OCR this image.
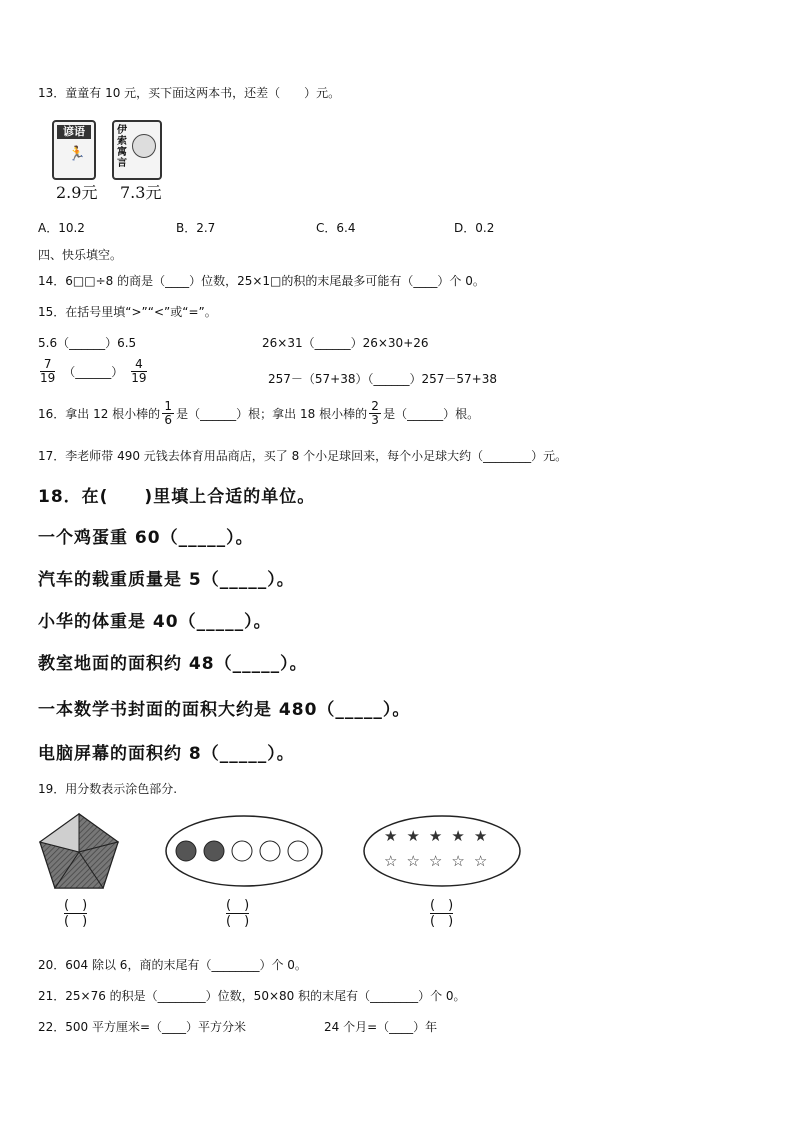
13．童童有 10 元，买下面这两本书，还差（　　）元。
谚语
🏃
2.9元
伊
索
寓
言
7.3元
A．10.2	B．2.7	C．6.4	D．0.2
四、快乐填空。
14．6□□÷8 的商是（____）位数，25×1□的积的末尾最多可能有（____）个 0。
15．在括号里填“>”“<”或“=”。
5.6（______）6.5	26×31（______）26×30+26
$\frac{7}{19}$ （______） $\frac{4}{19}$	257－（57+38）（______）257－57+38
16．拿出 12 根小棒的 $\frac{1}{6}$ 是（______）根；拿出 18 根小棒的 $\frac{2}{3}$ 是（______）根。
17．李老师带 490 元钱去体育用品商店，买了 8 个小足球回来，每个小足球大约（________）元。
18．在(　　)里填上合适的单位。
一个鸡蛋重 60（_____）。
汽车的载重质量是 5（_____）。
小华的体重是 40（_____）。
教室地面的面积约 48（_____）。
一本数学书封面的面积大约是 480（_____）。
电脑屏幕的面积约 8（_____）。
19．用分数表示涂色部分.
★★★★★
☆☆☆☆☆
(　)
(　)
(　)
(　)
(　)
(　)
20．604 除以 6，商的末尾有（________）个 0。
21．25×76 的积是（________）位数，50×80 积的末尾有（________）个 0。
22．500 平方厘米=（____）平方分米	24 个月=（____）年
